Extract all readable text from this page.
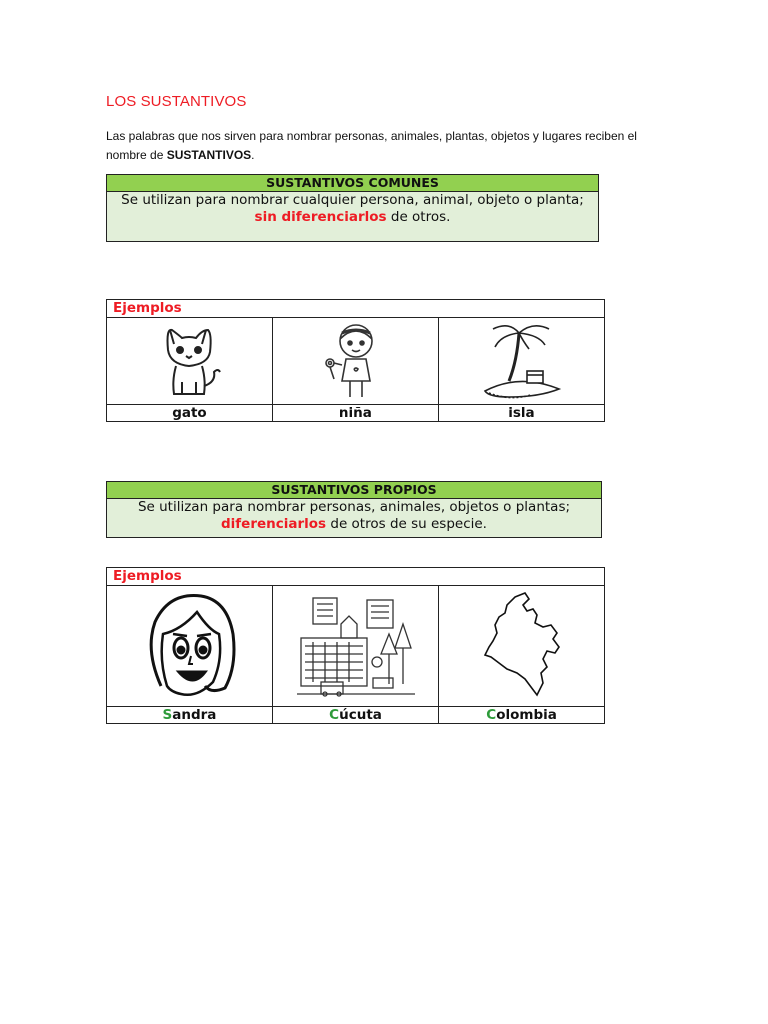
LOS SUSTANTIVOS
Las palabras que nos sirven para nombrar personas, animales, plantas, objetos y lugares reciben el nombre de SUSTANTIVOS.
SUSTANTIVOS COMUNES
Se utilizan para nombrar cualquier persona, animal, objeto o planta;
sin diferenciarlos de otros.
Ejemplos		

gato	niña	isla
SUSTANTIVOS PROPIOS
Se utilizan para nombrar personas, animales, objetos o plantas;
diferenciarlos de otros de su especie.
Ejemplos		

Sandra	Cúcuta	Colombia
